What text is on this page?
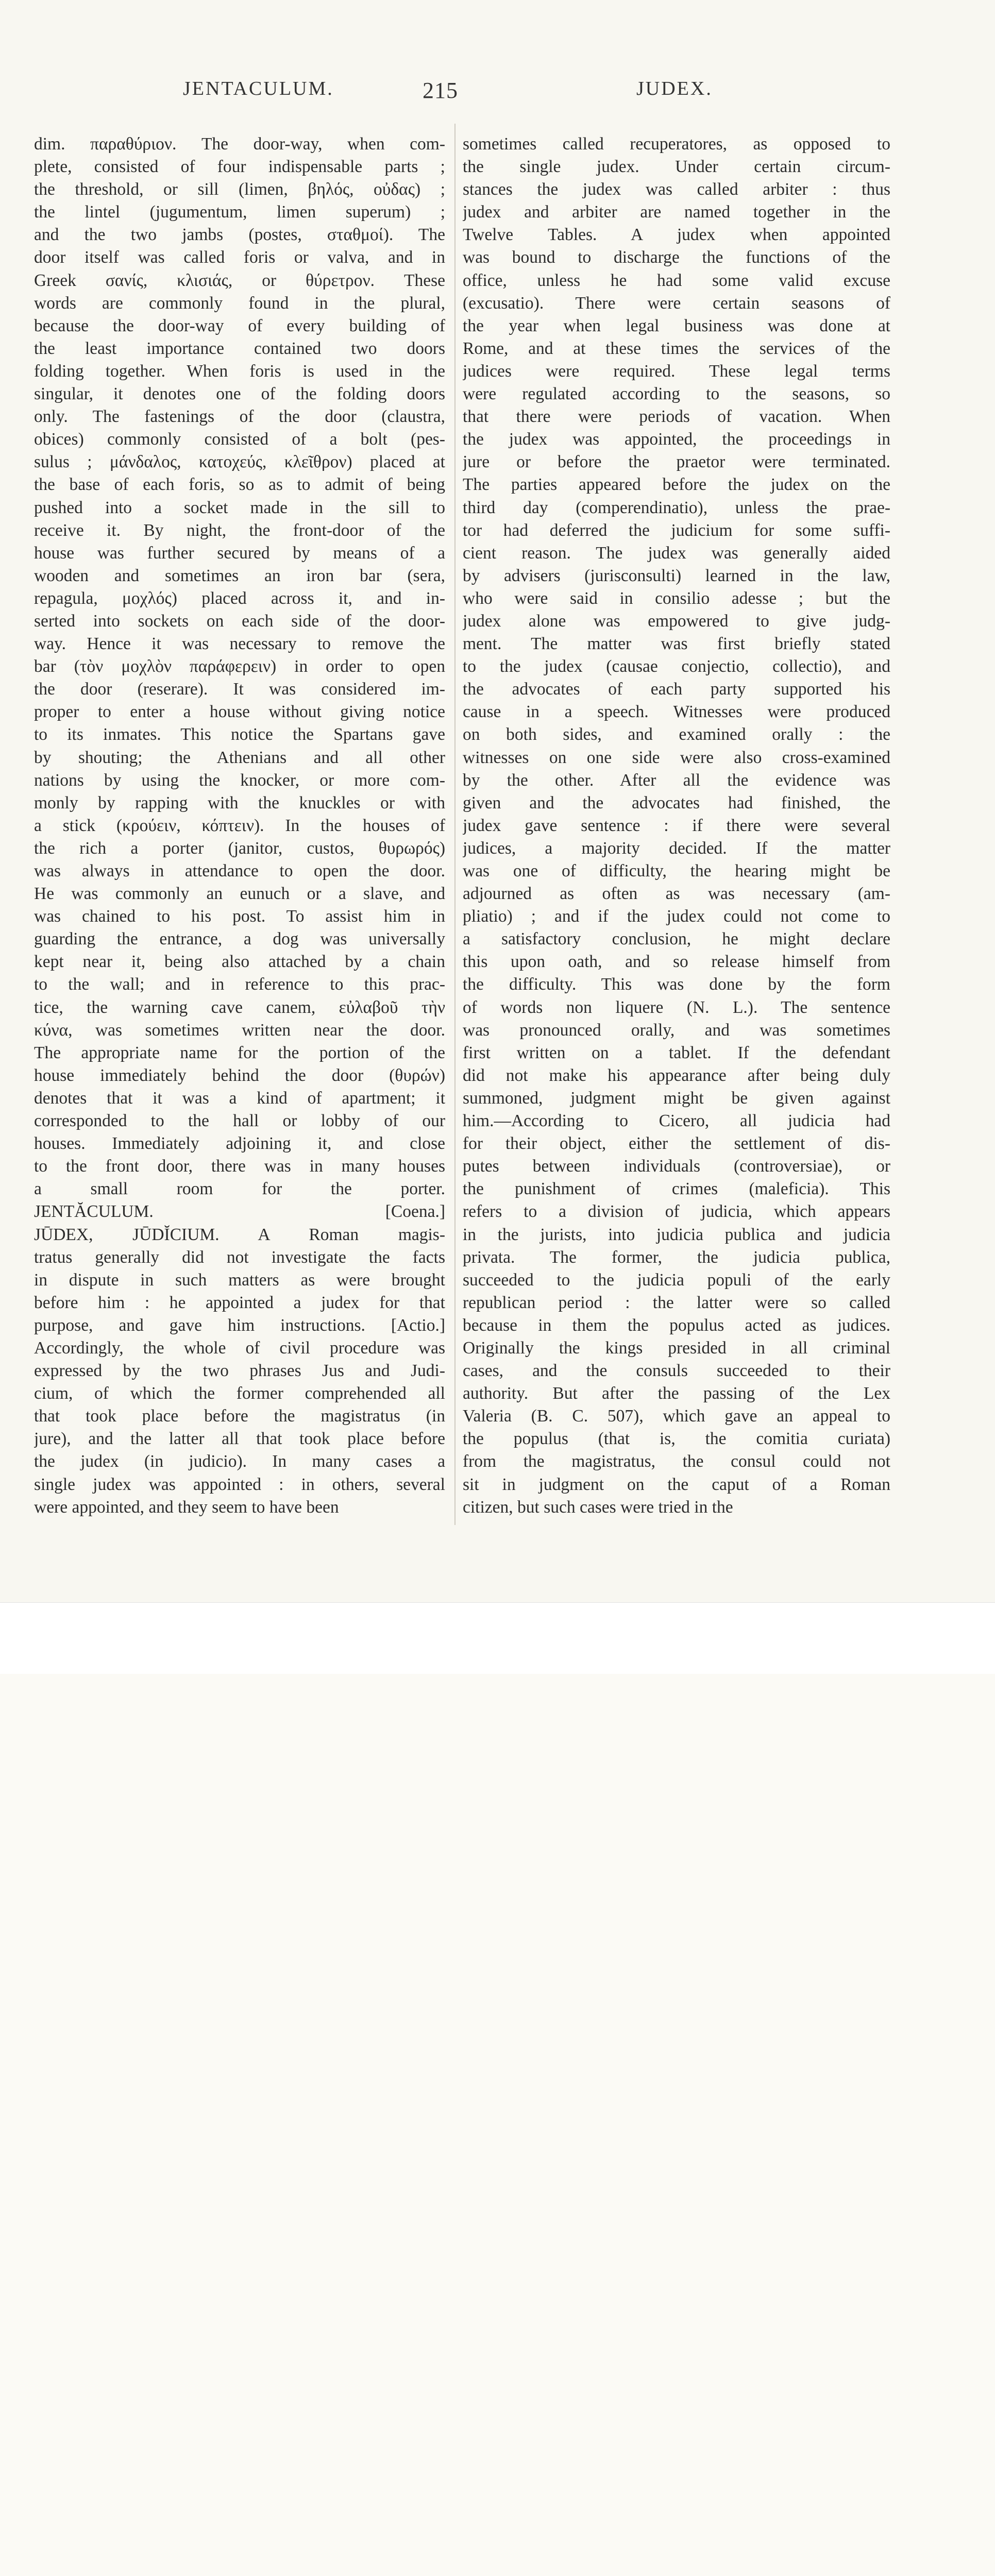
JENTACULUM.	215	JUDEX.
dim. παραθύριον. The door-way, when com-
plete, consisted of four indispensable parts ;
the threshold, or sill (limen, βηλός, οὐδας) ;
the lintel (jugumentum, limen superum) ;
and the two jambs (postes, σταθμοί). The
door itself was called foris or valva, and in
Greek σανίς, κλισιάς, or θύρετρον. These
words are commonly found in the plural,
because the door-way of every building of
the least importance contained two doors
folding together. When foris is used in the
singular, it denotes one of the folding doors
only. The fastenings of the door (claustra,
obices) commonly consisted of a bolt (pes-
sulus ; μάνδαλος, κατοχεύς, κλεῖθρον) placed at
the base of each foris, so as to admit of being
pushed into a socket made in the sill to
receive it. By night, the front-door of the
house was further secured by means of a
wooden and sometimes an iron bar (sera,
repagula, μοχλός) placed across it, and in-
serted into sockets on each side of the door-
way. Hence it was necessary to remove the
bar (τὸν μοχλὸν παράφερειν) in order to open
the door (reserare). It was considered im-
proper to enter a house without giving notice
to its inmates. This notice the Spartans gave
by shouting; the Athenians and all other
nations by using the knocker, or more com-
monly by rapping with the knuckles or with
a stick (κρούειν, κόπτειν). In the houses of
the rich a porter (janitor, custos, θυρωρός)
was always in attendance to open the door.
He was commonly an eunuch or a slave, and
was chained to his post. To assist him in
guarding the entrance, a dog was universally
kept near it, being also attached by a chain
to the wall; and in reference to this prac-
tice, the warning cave canem, εὐλαβοῦ τὴν
κύνα, was sometimes written near the door.
The appropriate name for the portion of the
house immediately behind the door (θυρών)
denotes that it was a kind of apartment; it
corresponded to the hall or lobby of our
houses. Immediately adjoining it, and close
to the front door, there was in many houses
a small room for the porter.
JENTĂCULUM. [Coena.]
JŪDEX, JŪDĬCIUM. A Roman magis-
tratus generally did not investigate the facts
in dispute in such matters as were brought
before him : he appointed a judex for that
purpose, and gave him instructions. [Actio.]
Accordingly, the whole of civil procedure was
expressed by the two phrases Jus and Judi-
cium, of which the former comprehended all
that took place before the magistratus (in
jure), and the latter all that took place before
the judex (in judicio). In many cases a
single judex was appointed : in others, several
were appointed, and they seem to have been
sometimes called recuperatores, as opposed to
the single judex. Under certain circum-
stances the judex was called arbiter : thus
judex and arbiter are named together in the
Twelve Tables. A judex when appointed
was bound to discharge the functions of the
office, unless he had some valid excuse
(excusatio). There were certain seasons of
the year when legal business was done at
Rome, and at these times the services of the
judices were required. These legal terms
were regulated according to the seasons, so
that there were periods of vacation. When
the judex was appointed, the proceedings in
jure or before the praetor were terminated.
The parties appeared before the judex on the
third day (comperendinatio), unless the prae-
tor had deferred the judicium for some suffi-
cient reason. The judex was generally aided
by advisers (jurisconsulti) learned in the law,
who were said in consilio adesse ; but the
judex alone was empowered to give judg-
ment. The matter was first briefly stated
to the judex (causae conjectio, collectio), and
the advocates of each party supported his
cause in a speech. Witnesses were produced
on both sides, and examined orally : the
witnesses on one side were also cross-examined
by the other. After all the evidence was
given and the advocates had finished, the
judex gave sentence : if there were several
judices, a majority decided. If the matter
was one of difficulty, the hearing might be
adjourned as often as was necessary (am-
pliatio) ; and if the judex could not come to
a satisfactory conclusion, he might declare
this upon oath, and so release himself from
the difficulty. This was done by the form
of words non liquere (N. L.). The sentence
was pronounced orally, and was sometimes
first written on a tablet. If the defendant
did not make his appearance after being duly
summoned, judgment might be given against
him.—According to Cicero, all judicia had
for their object, either the settlement of dis-
putes between individuals (controversiae), or
the punishment of crimes (maleficia). This
refers to a division of judicia, which appears
in the jurists, into judicia publica and judicia
privata. The former, the judicia publica,
succeeded to the judicia populi of the early
republican period : the latter were so called
because in them the populus acted as judices.
Originally the kings presided in all criminal
cases, and the consuls succeeded to their
authority. But after the passing of the Lex
Valeria (B. C. 507), which gave an appeal to
the populus (that is, the comitia curiata)
from the magistratus, the consul could not
sit in judgment on the caput of a Roman
citizen, but such cases were tried in the
